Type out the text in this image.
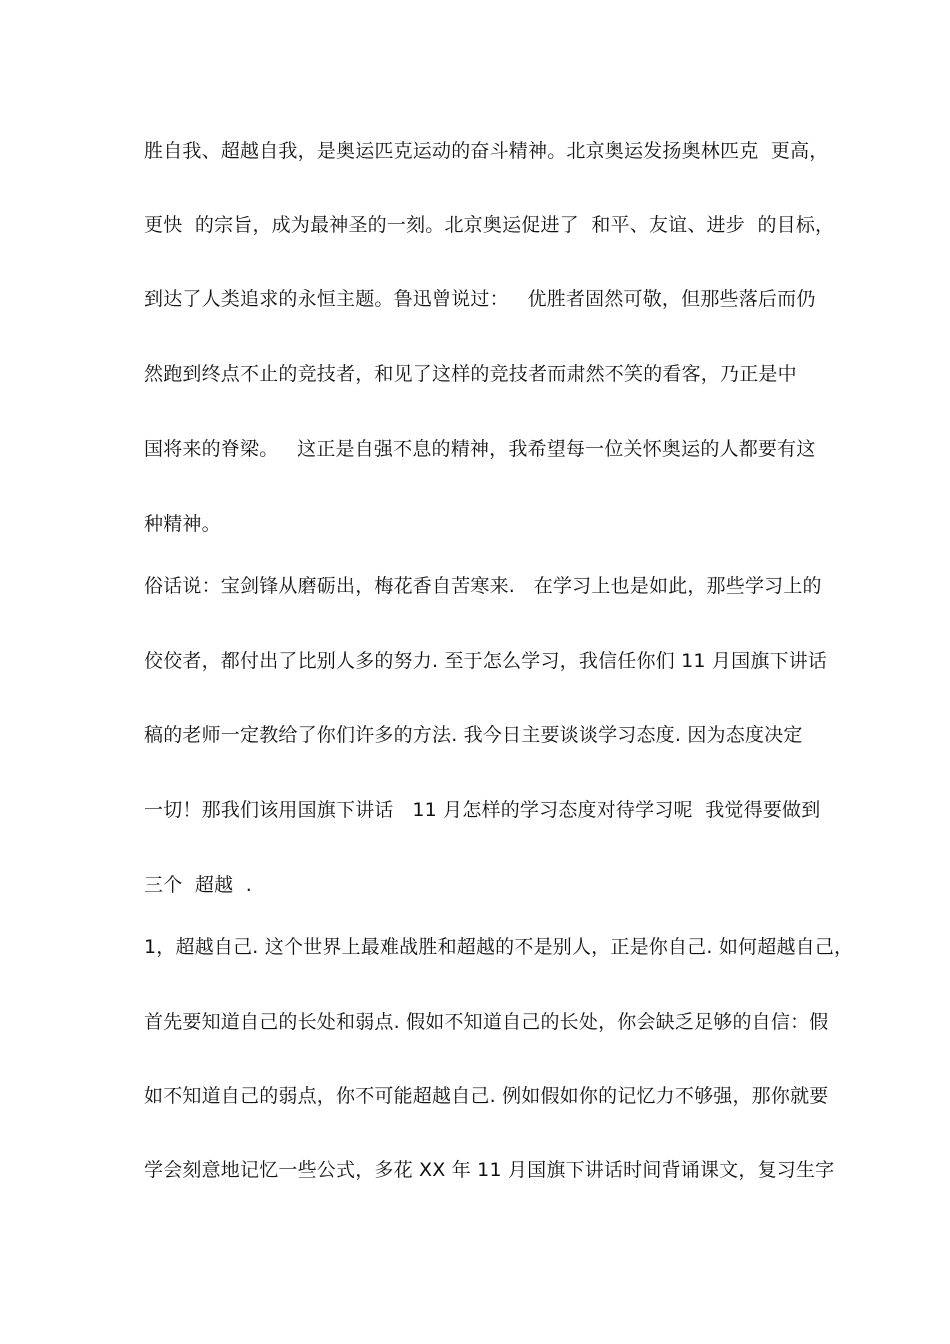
胜自我、超越自我，是奥运匹克运动的奋斗精神。北京奥运发扬奥林匹克  更高，
更快  的宗旨，成为最神圣的一刻。北京奥运促进了  和平、友谊、进步  的目标，
到达了人类追求的永恒主题。鲁迅曾说过：   优胜者固然可敬，但那些落后而仍
然跑到终点不止的竞技者，和见了这样的竞技者而肃然不笑的看客，乃正是中
国将来的脊梁。   这正是自强不息的精神，我希望每一位关怀奥运的人都要有这
种精神。
俗话说：宝剑锋从磨砺出，梅花香自苦寒来.   在学习上也是如此，那些学习上的
佼佼者，都付出了比别人多的努力. 至于怎么学习，我信任你们 11 月国旗下讲话
稿的老师一定教给了你们许多的方法. 我今日主要谈谈学习态度. 因为态度决定
一切！那我们该用国旗下讲话   11 月怎样的学习态度对待学习呢  我觉得要做到
三个  超越  .
1，超越自己. 这个世界上最难战胜和超越的不是别人，正是你自己. 如何超越自己，
首先要知道自己的长处和弱点. 假如不知道自己的长处，你会缺乏足够的自信：假
如不知道自己的弱点，你不可能超越自己. 例如假如你的记忆力不够强，那你就要
学会刻意地记忆一些公式，多花 XX 年 11 月国旗下讲话时间背诵课文，复习生字
